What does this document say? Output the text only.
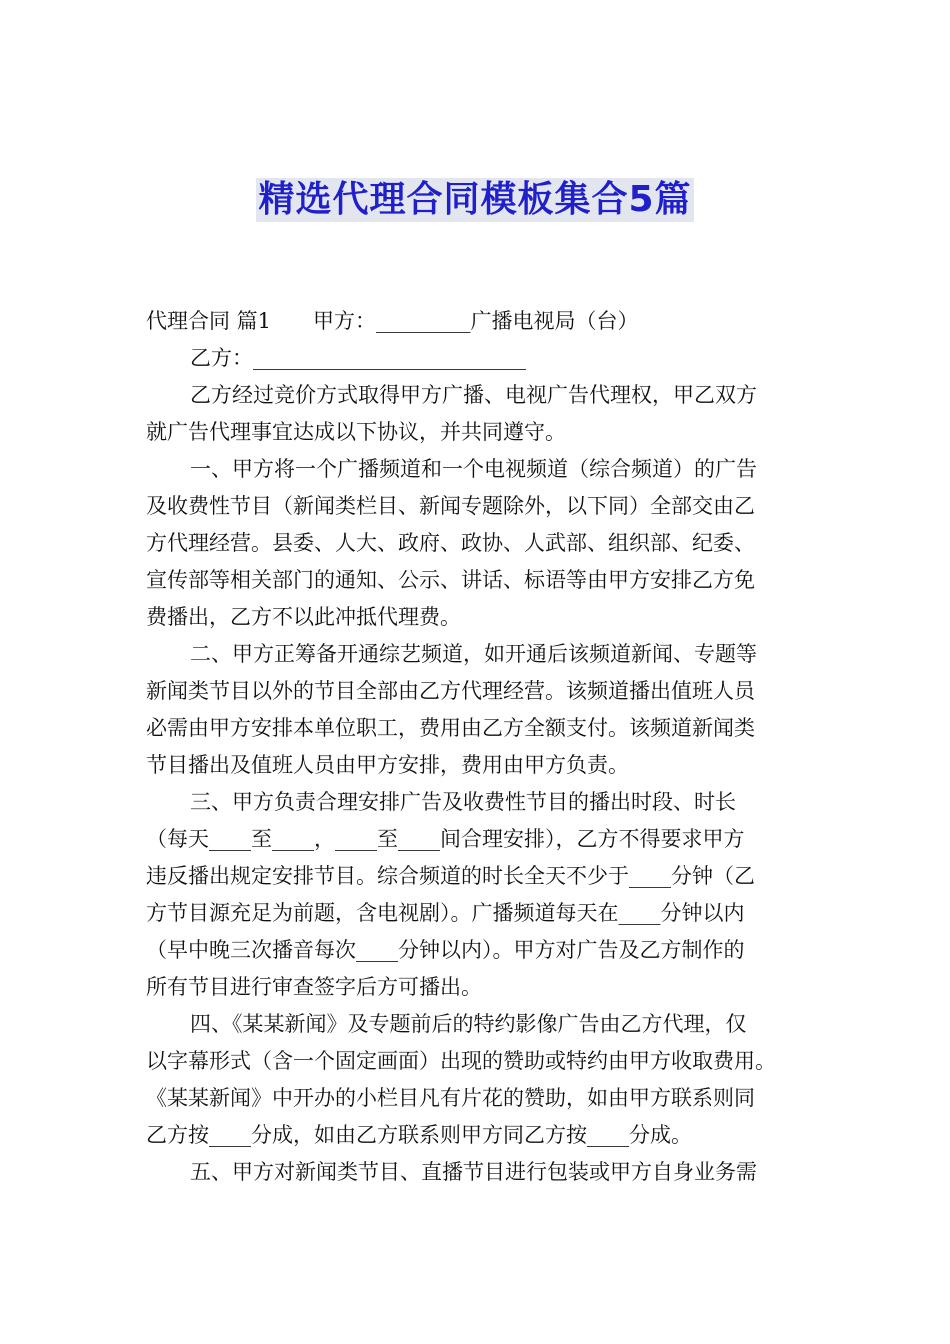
精选代理合同模板集合5篇
代理合同 篇1　　甲方：_________广播电视局（台）
乙方：__________________________
乙方经过竞价方式取得甲方广播、电视广告代理权，甲乙双方
就广告代理事宜达成以下协议，并共同遵守。
一、甲方将一个广播频道和一个电视频道（综合频道）的广告
及收费性节目（新闻类栏目、新闻专题除外，以下同）全部交由乙
方代理经营。县委、人大、政府、政协、人武部、组织部、纪委、
宣传部等相关部门的通知、公示、讲话、标语等由甲方安排乙方免
费播出，乙方不以此冲抵代理费。
二、甲方正筹备开通综艺频道，如开通后该频道新闻、专题等
新闻类节目以外的节目全部由乙方代理经营。该频道播出值班人员
必需由甲方安排本单位职工，费用由乙方全额支付。该频道新闻类
节目播出及值班人员由甲方安排，费用由甲方负责。
三、甲方负责合理安排广告及收费性节目的播出时段、时长
（每天____至____，____至____间合理安排），乙方不得要求甲方
违反播出规定安排节目。综合频道的时长全天不少于____分钟（乙
方节目源充足为前题，含电视剧）。广播频道每天在____分钟以内
（早中晚三次播音每次____分钟以内）。甲方对广告及乙方制作的
所有节目进行审查签字后方可播出。
四、《某某新闻》及专题前后的特约影像广告由乙方代理，仅
以字幕形式（含一个固定画面）出现的赞助或特约由甲方收取费用。
《某某新闻》中开办的小栏目凡有片花的赞助，如由甲方联系则同
乙方按____分成，如由乙方联系则甲方同乙方按____分成。
五、甲方对新闻类节目、直播节目进行包装或甲方自身业务需
